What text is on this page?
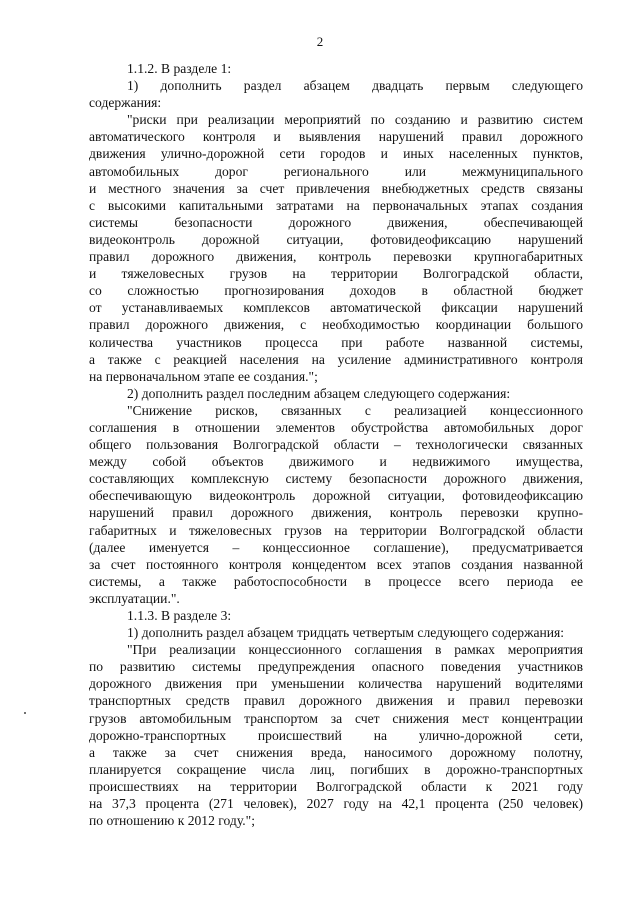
2
1.1.2. В разделе 1:
1) дополнить раздел абзацем двадцать первым следующего
содержания:
"риски при реализации мероприятий по созданию и развитию систем
автоматического контроля и выявления нарушений правил дорожного
движения улично-дорожной сети городов и иных населенных пунктов,
автомобильных дорог регионального или межмуниципального
и местного значения за счет привлечения внебюджетных средств связаны
с высокими капитальными затратами на первоначальных этапах создания
системы безопасности дорожного движения, обеспечивающей
видеоконтроль дорожной ситуации, фотовидеофиксацию нарушений
правил дорожного движения, контроль перевозки крупногабаритных
и тяжеловесных грузов на территории Волгоградской области,
со сложностью прогнозирования доходов в областной бюджет
от устанавливаемых комплексов автоматической фиксации нарушений
правил дорожного движения, с необходимостью координации большого
количества участников процесса при работе названной системы,
а также с реакцией населения на усиление административного контроля
на первоначальном этапе ее создания.";
2) дополнить раздел последним абзацем следующего содержания:
"Снижение рисков, связанных с реализацией концессионного
соглашения в отношении элементов обустройства автомобильных дорог
общего пользования Волгоградской области – технологически связанных
между собой объектов движимого и недвижимого имущества,
составляющих комплексную систему безопасности дорожного движения,
обеспечивающую видеоконтроль дорожной ситуации, фотовидеофиксацию
нарушений правил дорожного движения, контроль перевозки крупно-
габаритных и тяжеловесных грузов на территории Волгоградской области
(далее именуется – концессионное соглашение), предусматривается
за счет постоянного контроля концедентом всех этапов создания названной
системы, а также работоспособности в процессе всего периода ее
эксплуатации.".
1.1.3. В разделе 3:
1) дополнить раздел абзацем тридцать четвертым следующего содержания:
"При реализации концессионного соглашения в рамках мероприятия
по развитию системы предупреждения опасного поведения участников
дорожного движения при уменьшении количества нарушений водителями
транспортных средств правил дорожного движения и правил перевозки
грузов автомобильным транспортом за счет снижения мест концентрации
дорожно-транспортных происшествий на улично-дорожной сети,
а также за счет снижения вреда, наносимого дорожному полотну,
планируется сокращение числа лиц, погибших в дорожно-транспортных
происшествиях на территории Волгоградской области к 2021 году
на 37,3 процента (271 человек), 2027 году на 42,1 процента (250 человек)
по отношению к 2012 году.";
